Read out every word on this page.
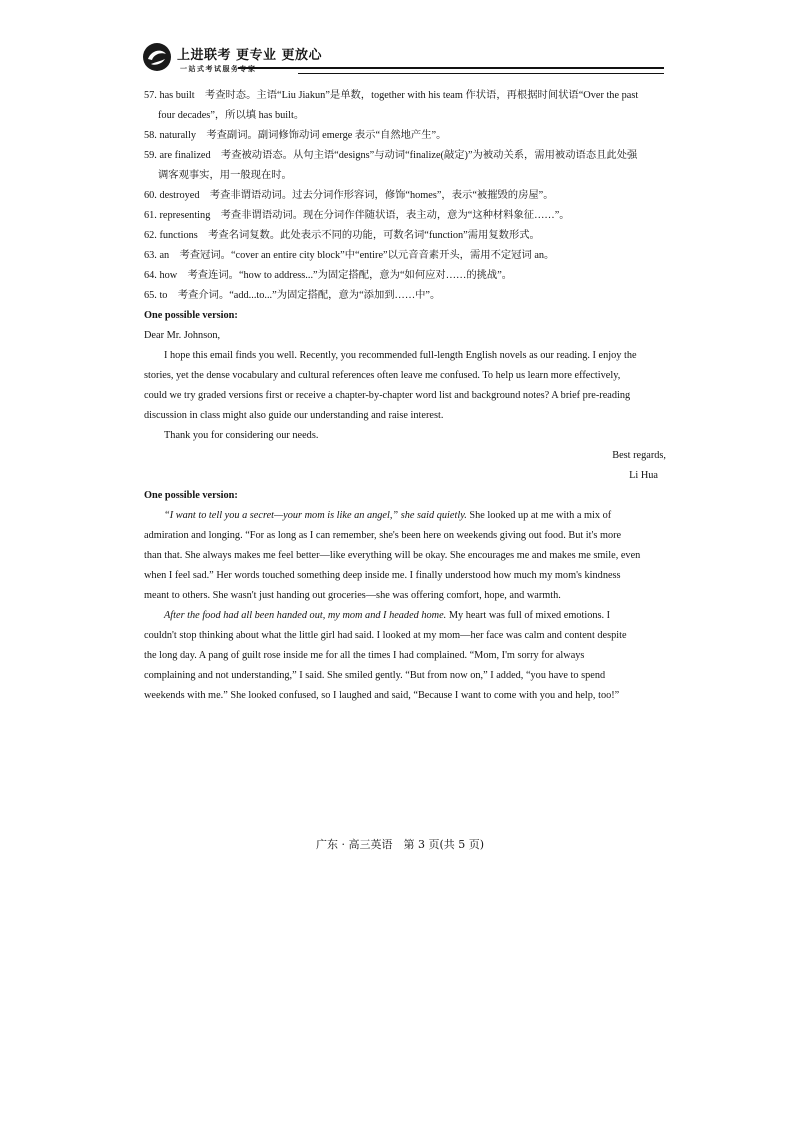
上进联考 更专业 更放心
一站式考试服务专家

57. has built　考查时态。主语“Liu Jiakun”是单数，together with his team 作状语，再根据时间状语“Over the past

four decades”，所以填 has built。

58. naturally　考查副词。副词修饰动词 emerge 表示“自然地产生”。

59. are finalized　考查被动语态。从句主语“designs”与动词“finalize(敲定)”为被动关系，需用被动语态且此处强

调客观事实，用一般现在时。

60. destroyed　考查非谓语动词。过去分词作形容词，修饰“homes”，表示“被摧毁的房屋”。

61. representing　考查非谓语动词。现在分词作伴随状语，表主动，意为“这种材料象征……”。

62. functions　考查名词复数。此处表示不同的功能，可数名词“function”需用复数形式。

63. an　考查冠词。“cover an entire city block”中“entire”以元音音素开头，需用不定冠词 an。

64. how　考查连词。“how to address...”为固定搭配，意为“如何应对……的挑战”。

65. to　考查介词。“add...to...”为固定搭配，意为“添加到……中”。

One possible version:

Dear Mr. Johnson,

I hope this email finds you well. Recently, you recommended full-length English novels as our reading. I enjoy the

stories, yet the dense vocabulary and cultural references often leave me confused. To help us learn more effectively,

could we try graded versions first or receive a chapter-by-chapter word list and background notes? A brief pre-reading

discussion in class might also guide our understanding and raise interest.

Thank you for considering our needs.

Best regards,

Li Hua

One possible version:

“I want to tell you a secret—your mom is like an angel,” she said quietly. She looked up at me with a mix of

admiration and longing. “For as long as I can remember, she's been here on weekends giving out food. But it's more

than that. She always makes me feel better—like everything will be okay. She encourages me and makes me smile, even

when I feel sad.” Her words touched something deep inside me. I finally understood how much my mom's kindness

meant to others. She wasn't just handing out groceries—she was offering comfort, hope, and warmth.

After the food had all been handed out, my mom and I headed home. My heart was full of mixed emotions. I

couldn't stop thinking about what the little girl had said. I looked at my mom—her face was calm and content despite

the long day. A pang of guilt rose inside me for all the times I had complained. “Mom, I'm sorry for always

complaining and not understanding,” I said. She smiled gently. “But from now on,” I added, “you have to spend

weekends with me.” She looked confused, so I laughed and said, “Because I want to come with you and help, too!”

广东 · 高三英语　第 3 页(共 5 页)
